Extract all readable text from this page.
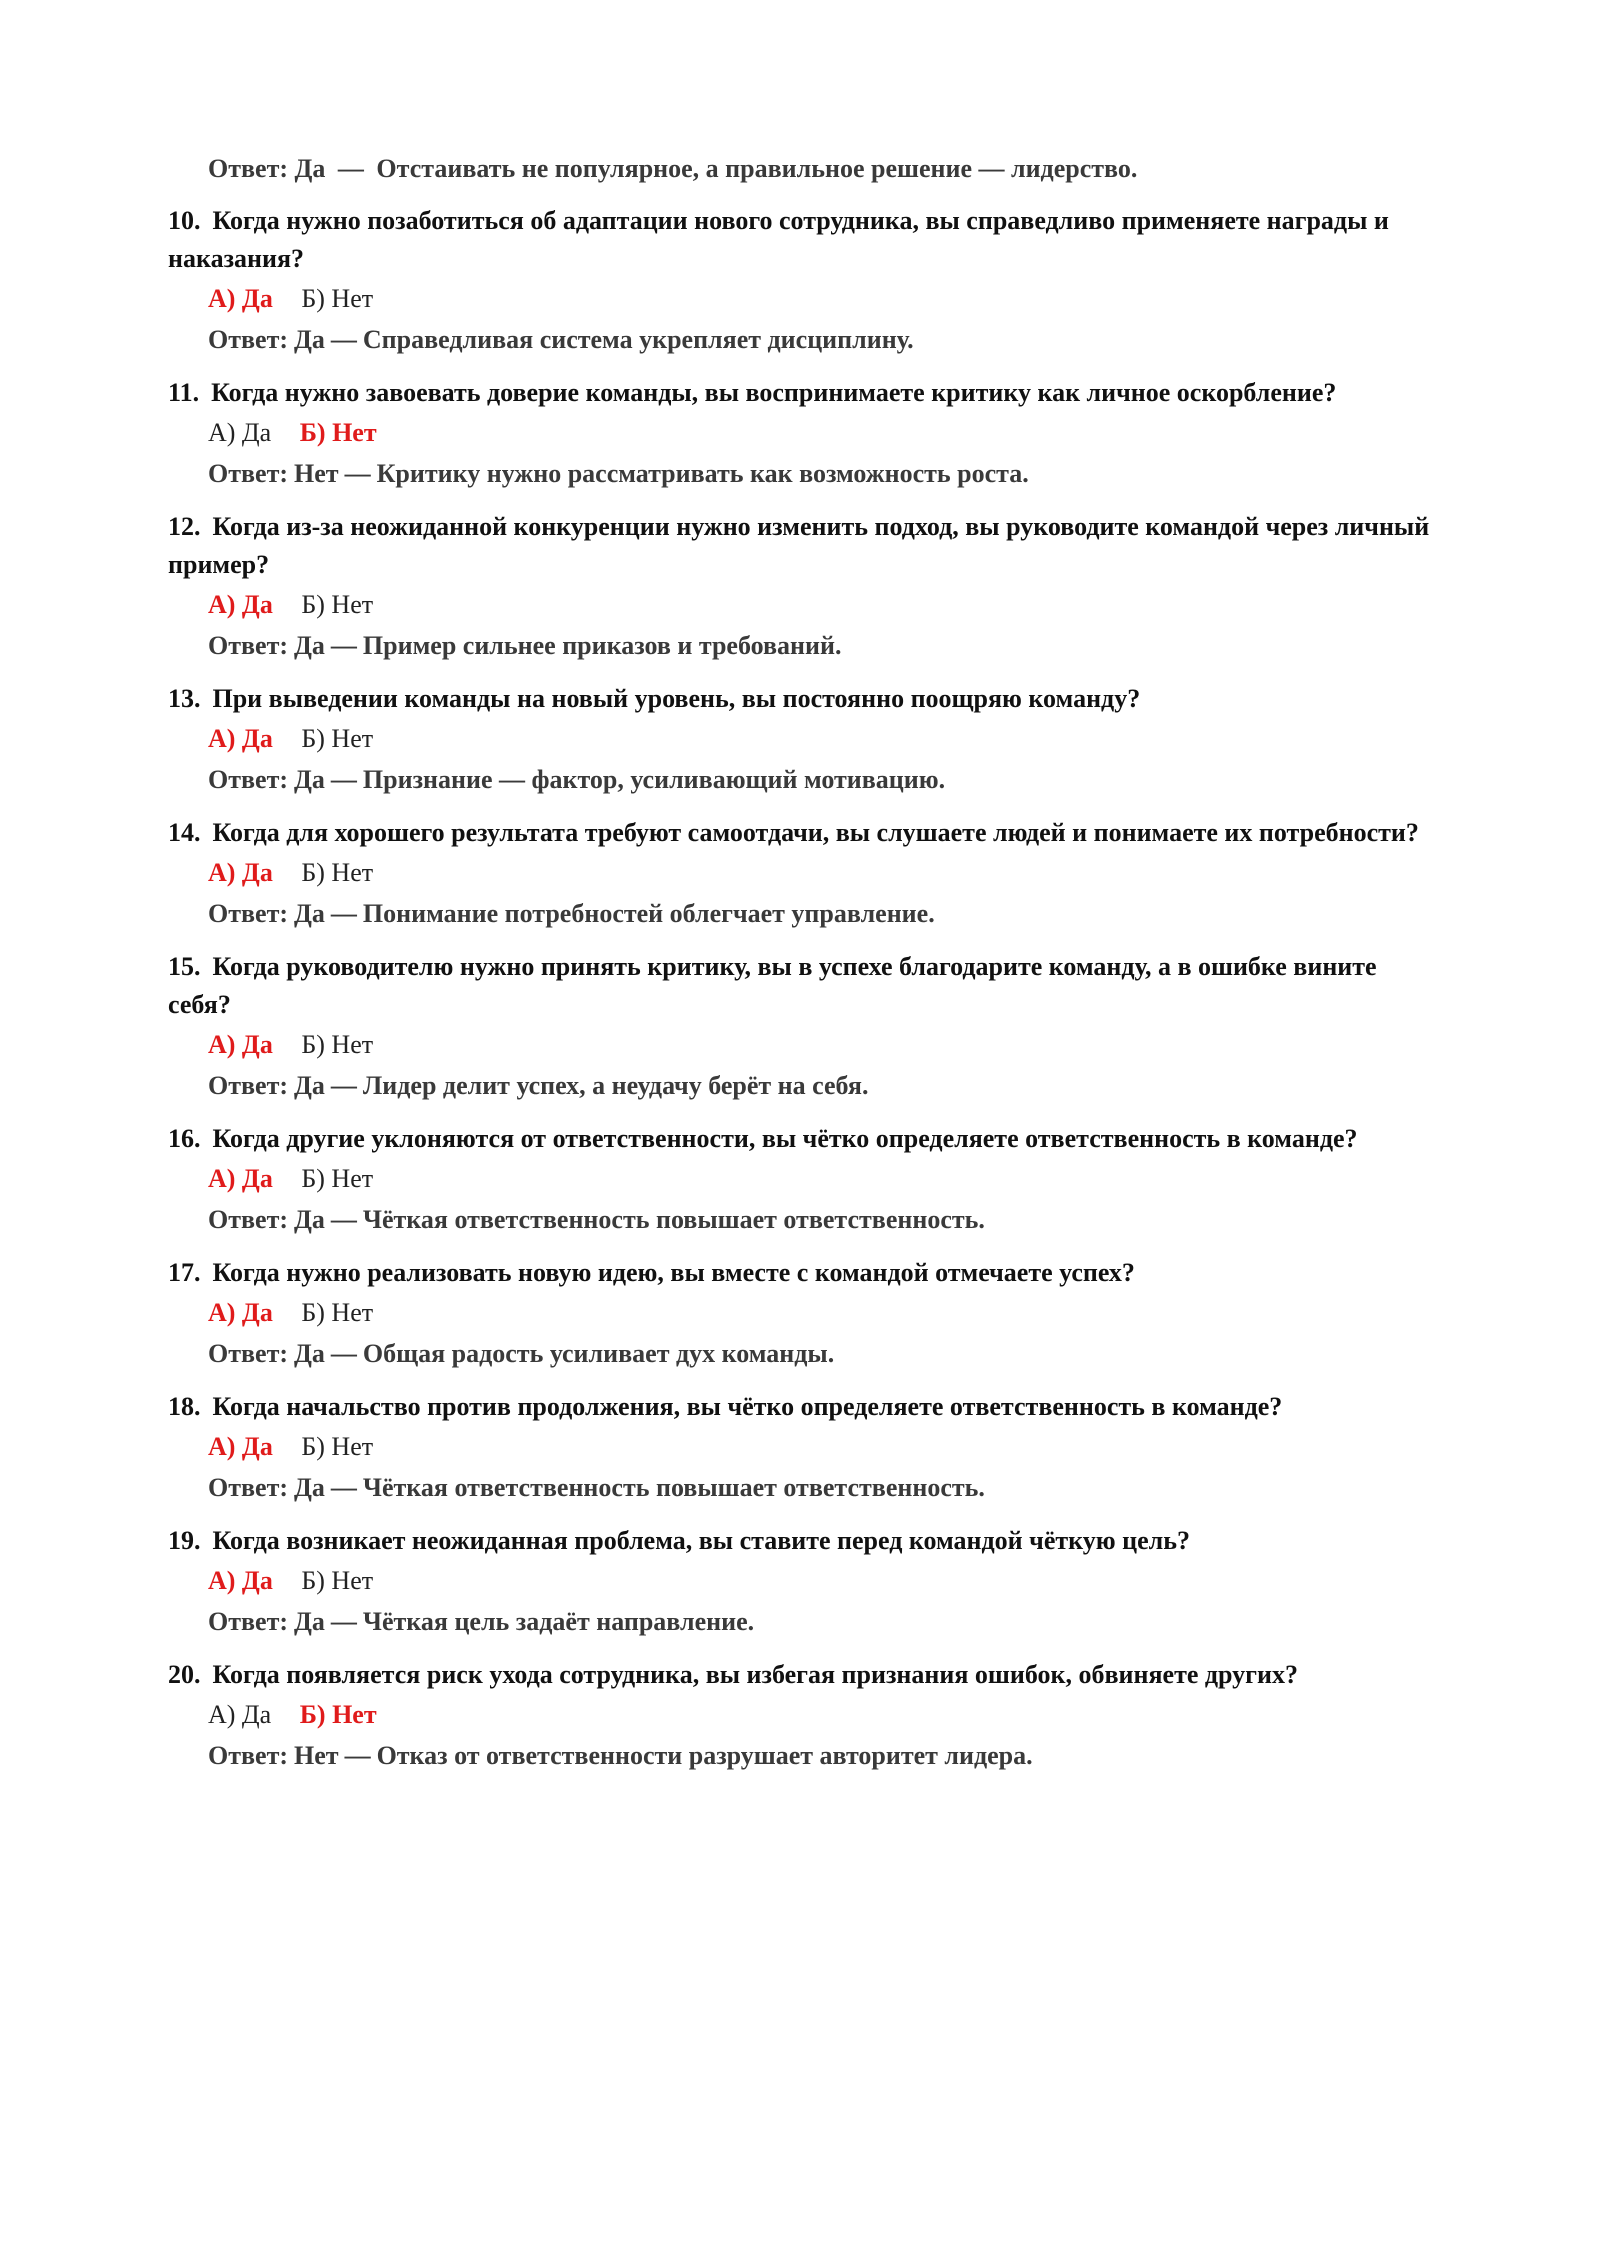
Ответ: Да — Отстаивать не популярное, а правильное решение — лидерство.
10. Когда нужно позаботиться об адаптации нового сотрудника, вы справедливо применяете награды и наказания?
А) Да Б) Нет
Ответ: Да — Справедливая система укрепляет дисциплину.
11. Когда нужно завоевать доверие команды, вы воспринимаете критику как личное оскорбление?
А) Да Б) Нет
Ответ: Нет — Критику нужно рассматривать как возможность роста.
12. Когда из-за неожиданной конкуренции нужно изменить подход, вы руководите командой через личный пример?
А) Да Б) Нет
Ответ: Да — Пример сильнее приказов и требований.
13. При выведении команды на новый уровень, вы постоянно поощряю команду?
А) Да Б) Нет
Ответ: Да — Признание — фактор, усиливающий мотивацию.
14. Когда для хорошего результата требуют самоотдачи, вы слушаете людей и понимаете их потребности?
А) Да Б) Нет
Ответ: Да — Понимание потребностей облегчает управление.
15. Когда руководителю нужно принять критику, вы в успехе благодарите команду, а в ошибке вините себя?
А) Да Б) Нет
Ответ: Да — Лидер делит успех, а неудачу берёт на себя.
16. Когда другие уклоняются от ответственности, вы чётко определяете ответственность в команде?
А) Да Б) Нет
Ответ: Да — Чёткая ответственность повышает ответственность.
17. Когда нужно реализовать новую идею, вы вместе с командой отмечаете успех?
А) Да Б) Нет
Ответ: Да — Общая радость усиливает дух команды.
18. Когда начальство против продолжения, вы чётко определяете ответственность в команде?
А) Да Б) Нет
Ответ: Да — Чёткая ответственность повышает ответственность.
19. Когда возникает неожиданная проблема, вы ставите перед командой чёткую цель?
А) Да Б) Нет
Ответ: Да — Чёткая цель задаёт направление.
20. Когда появляется риск ухода сотрудника, вы избегая признания ошибок, обвиняете других?
А) Да Б) Нет
Ответ: Нет — Отказ от ответственности разрушает авторитет лидера.
